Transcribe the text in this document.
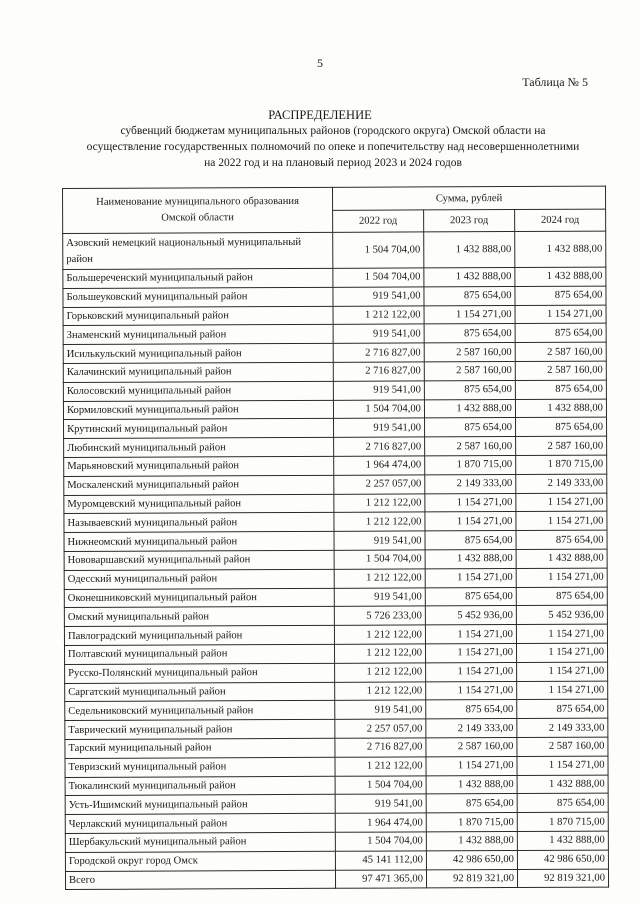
5
Таблица № 5
РАСПРЕДЕЛЕНИЕ
субвенций бюджетам муниципальных районов (городского округа) Омской области на
осуществление государственных полномочий по опеке и попечительству над несовершеннолетними
на 2022 год и на плановый период 2023 и 2024 годов
Наименование муниципального образования
Омской области	Сумма, рублей		
	2022 год	2023 год	2024 год
Азовский немецкий национальный муниципальный район	1 504 704,00	1 432 888,00	1 432 888,00
Большереченский муниципальный район	1 504 704,00	1 432 888,00	1 432 888,00
Большеуковский муниципальный район	919 541,00	875 654,00	875 654,00
Горьковский муниципальный район	1 212 122,00	1 154 271,00	1 154 271,00
Знаменский муниципальный район	919 541,00	875 654,00	875 654,00
Исилькульский муниципальный район	2 716 827,00	2 587 160,00	2 587 160,00
Калачинский муниципальный район	2 716 827,00	2 587 160,00	2 587 160,00
Колосовский муниципальный район	919 541,00	875 654,00	875 654,00
Кормиловский муниципальный район	1 504 704,00	1 432 888,00	1 432 888,00
Крутинский муниципальный район	919 541,00	875 654,00	875 654,00
Любинский муниципальный район	2 716 827,00	2 587 160,00	2 587 160,00
Марьяновский муниципальный район	1 964 474,00	1 870 715,00	1 870 715,00
Москаленский муниципальный район	2 257 057,00	2 149 333,00	2 149 333,00
Муромцевский муниципальный район	1 212 122,00	1 154 271,00	1 154 271,00
Называевский муниципальный район	1 212 122,00	1 154 271,00	1 154 271,00
Нижнеомский муниципальный район	919 541,00	875 654,00	875 654,00
Нововаршавский муниципальный район	1 504 704,00	1 432 888,00	1 432 888,00
Одесский муниципальный район	1 212 122,00	1 154 271,00	1 154 271,00
Оконешниковский муниципальный район	919 541,00	875 654,00	875 654,00
Омский муниципальный район	5 726 233,00	5 452 936,00	5 452 936,00
Павлоградский муниципальный район	1 212 122,00	1 154 271,00	1 154 271,00
Полтавский муниципальный район	1 212 122,00	1 154 271,00	1 154 271,00
Русско-Полянский муниципальный район	1 212 122,00	1 154 271,00	1 154 271,00
Саргатский муниципальный район	1 212 122,00	1 154 271,00	1 154 271,00
Седельниковский муниципальный район	919 541,00	875 654,00	875 654,00
Таврический муниципальный район	2 257 057,00	2 149 333,00	2 149 333,00
Тарский муниципальный район	2 716 827,00	2 587 160,00	2 587 160,00
Тевризский муниципальный район	1 212 122,00	1 154 271,00	1 154 271,00
Тюкалинский муниципальный район	1 504 704,00	1 432 888,00	1 432 888,00
Усть-Ишимский муниципальный район	919 541,00	875 654,00	875 654,00
Черлакский муниципальный район	1 964 474,00	1 870 715,00	1 870 715,00
Шербакульский муниципальный район	1 504 704,00	1 432 888,00	1 432 888,00
Городской округ город Омск	45 141 112,00	42 986 650,00	42 986 650,00
Всего	97 471 365,00	92 819 321,00	92 819 321,00
